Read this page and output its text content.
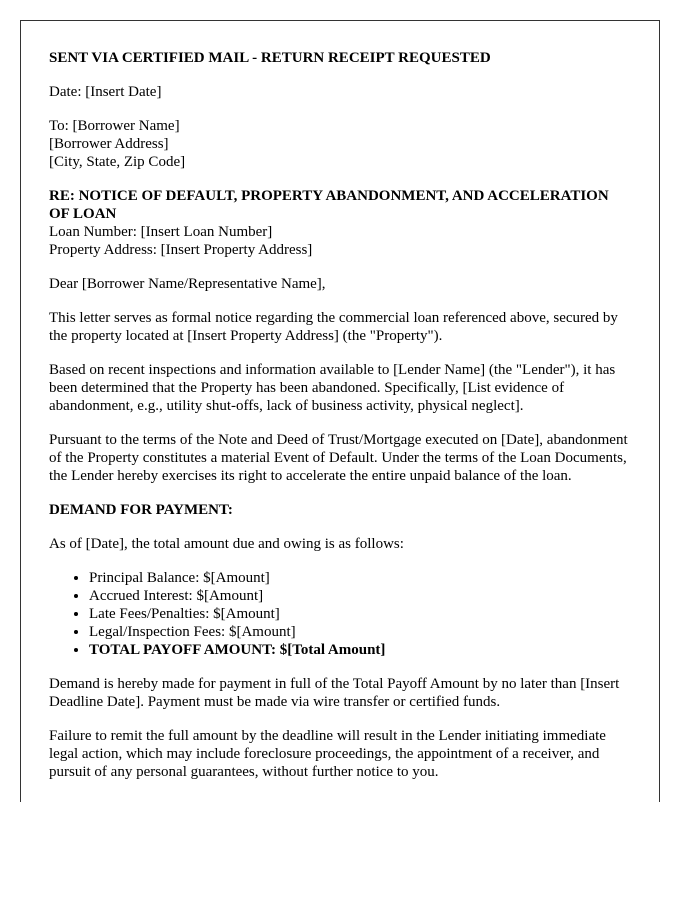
SENT VIA CERTIFIED MAIL - RETURN RECEIPT REQUESTED

Date: [Insert Date]

To: [Borrower Name]
[Borrower Address]
[City, State, Zip Code]

RE: NOTICE OF DEFAULT, PROPERTY ABANDONMENT, AND ACCELERATION OF LOAN
Loan Number: [Insert Loan Number]
Property Address: [Insert Property Address]

Dear [Borrower Name/Representative Name],

This letter serves as formal notice regarding the commercial loan referenced above, secured by the property located at [Insert Property Address] (the "Property").

Based on recent inspections and information available to [Lender Name] (the "Lender"), it has been determined that the Property has been abandoned. Specifically, [List evidence of abandonment, e.g., utility shut-offs, lack of business activity, physical neglect].

Pursuant to the terms of the Note and Deed of Trust/Mortgage executed on [Date], abandonment of the Property constitutes a material Event of Default. Under the terms of the Loan Documents, the Lender hereby exercises its right to accelerate the entire unpaid balance of the loan.

DEMAND FOR PAYMENT:

As of [Date], the total amount due and owing is as follows:

• Principal Balance: $[Amount]
• Accrued Interest: $[Amount]
• Late Fees/Penalties: $[Amount]
• Legal/Inspection Fees: $[Amount]
• TOTAL PAYOFF AMOUNT: $[Total Amount]

Demand is hereby made for payment in full of the Total Payoff Amount by no later than [Insert Deadline Date]. Payment must be made via wire transfer or certified funds.

Failure to remit the full amount by the deadline will result in the Lender initiating immediate legal action, which may include foreclosure proceedings, the appointment of a receiver, and pursuit of any personal guarantees, without further notice to you.
